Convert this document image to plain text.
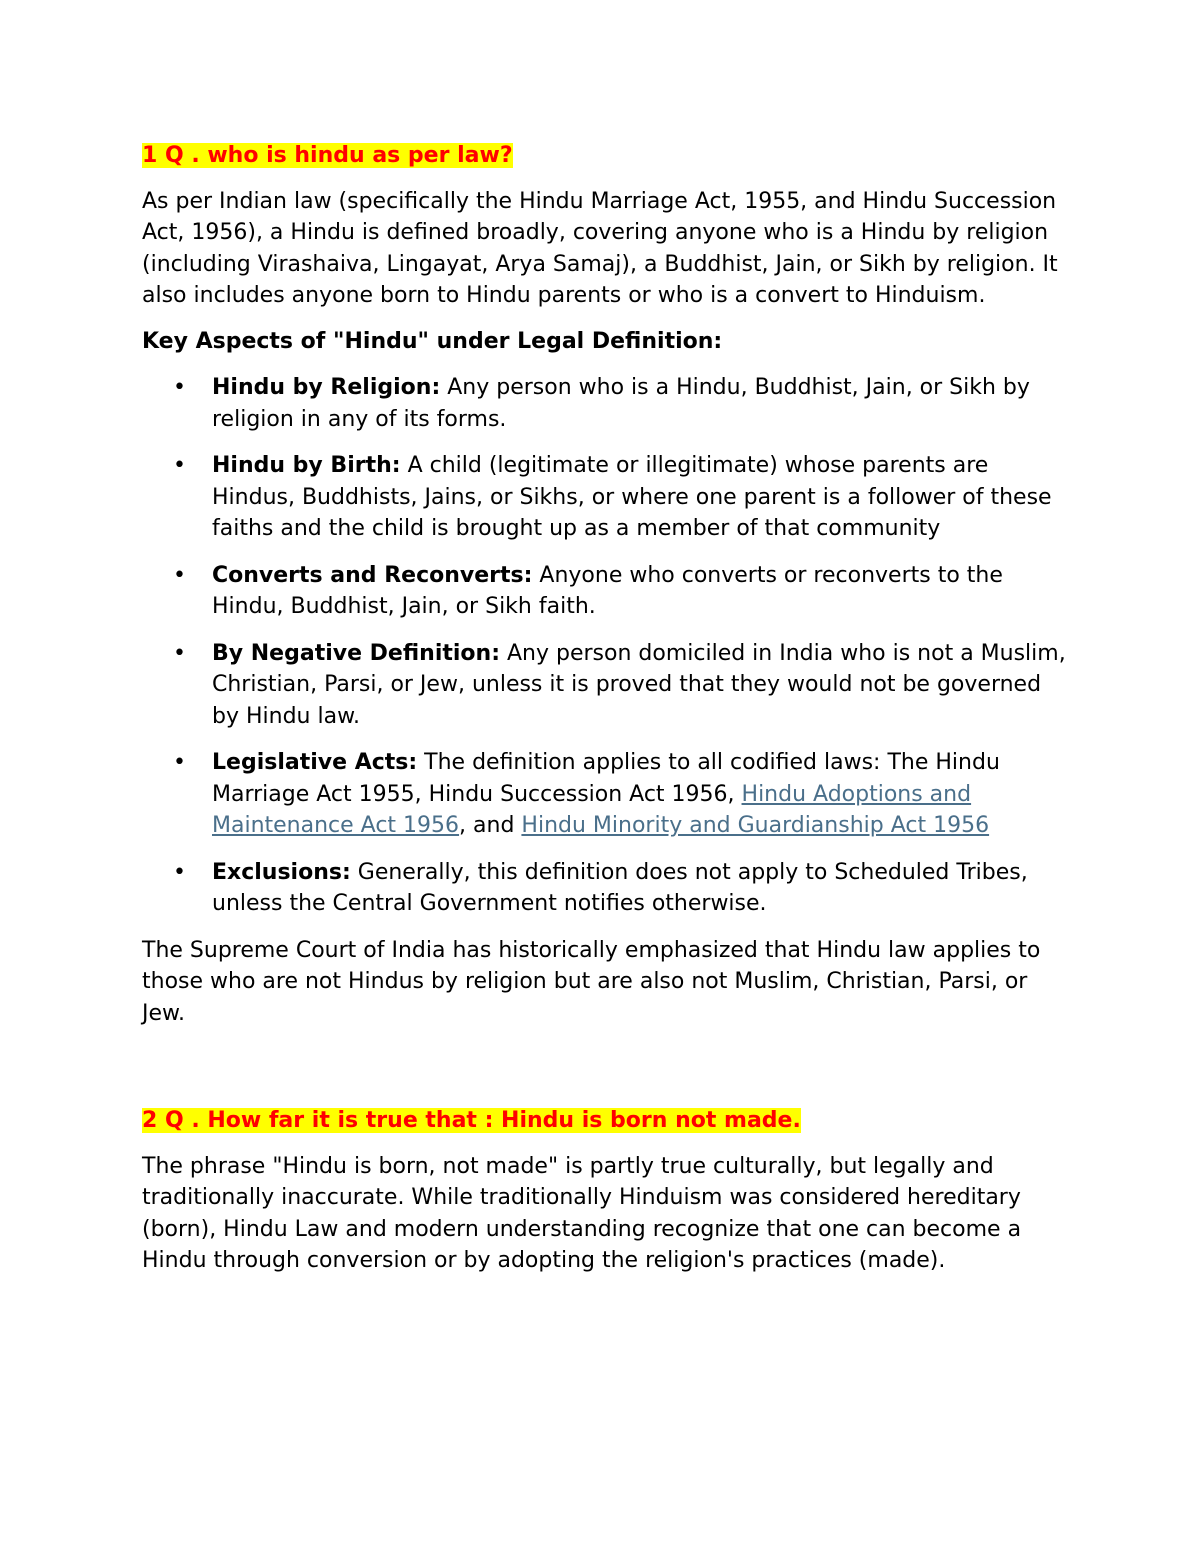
1 Q . who is hindu as per law?

As per Indian law (specifically the Hindu Marriage Act, 1955, and Hindu Succession Act, 1956), a Hindu is defined broadly, covering anyone who is a Hindu by religion (including Virashaiva, Lingayat, Arya Samaj), a Buddhist, Jain, or Sikh by religion. It also includes anyone born to Hindu parents or who is a convert to Hinduism.

Key Aspects of "Hindu" under Legal Definition:

• Hindu by Religion: Any person who is a Hindu, Buddhist, Jain, or Sikh by religion in any of its forms.
• Hindu by Birth: A child (legitimate or illegitimate) whose parents are Hindus, Buddhists, Jains, or Sikhs, or where one parent is a follower of these faiths and the child is brought up as a member of that community
• Converts and Reconverts: Anyone who converts or reconverts to the Hindu, Buddhist, Jain, or Sikh faith.
• By Negative Definition: Any person domiciled in India who is not a Muslim, Christian, Parsi, or Jew, unless it is proved that they would not be governed by Hindu law.
• Legislative Acts: The definition applies to all codified laws: The Hindu Marriage Act 1955, Hindu Succession Act 1956, Hindu Adoptions and Maintenance Act 1956, and Hindu Minority and Guardianship Act 1956
• Exclusions: Generally, this definition does not apply to Scheduled Tribes, unless the Central Government notifies otherwise.

The Supreme Court of India has historically emphasized that Hindu law applies to those who are not Hindus by religion but are also not Muslim, Christian, Parsi, or Jew.

2 Q . How far it is true that : Hindu is born not made.

The phrase "Hindu is born, not made" is partly true culturally, but legally and traditionally inaccurate. While traditionally Hinduism was considered hereditary (born), Hindu Law and modern understanding recognize that one can become a Hindu through conversion or by adopting the religion's practices (made).
